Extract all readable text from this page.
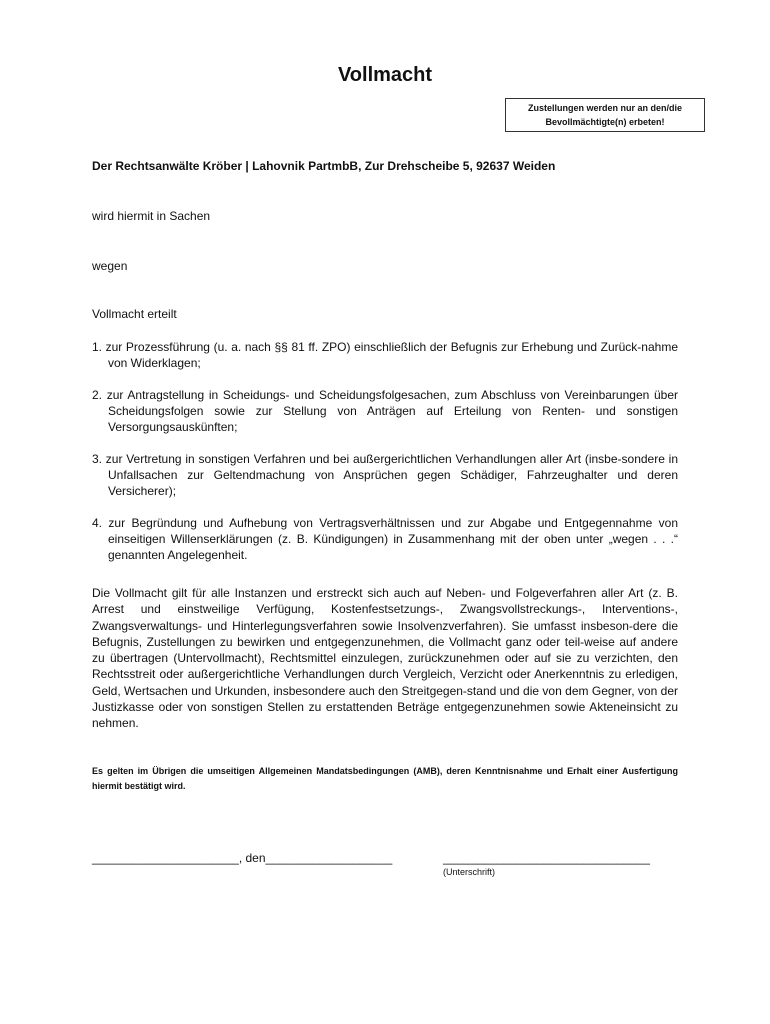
Vollmacht
Zustellungen werden nur an den/die
Bevollmächtigte(n) erbeten!
Der Rechtsanwälte Kröber | Lahovnik PartmbB, Zur Drehscheibe 5, 92637 Weiden
wird hiermit in Sachen
wegen
Vollmacht erteilt

1. zur Prozessführung (u. a. nach §§ 81 ff. ZPO) einschließlich der Befugnis zur Erhebung und Zurück-nahme von Widerklagen;

2. zur Antragstellung in Scheidungs- und Scheidungsfolgesachen, zum Abschluss von Vereinbarungen über Scheidungsfolgen sowie zur Stellung von Anträgen auf Erteilung von Renten- und sonstigen Versorgungsauskünften;

3. zur Vertretung in sonstigen Verfahren und bei außergerichtlichen Verhandlungen aller Art (insbe-sondere in Unfallsachen zur Geltendmachung von Ansprüchen gegen Schädiger, Fahrzeughalter und deren Versicherer);

4. zur Begründung und Aufhebung von Vertragsverhältnissen und zur Abgabe und Entgegennahme von einseitigen Willenserklärungen (z. B. Kündigungen) in Zusammenhang mit der oben unter „wegen . . .“ genannten Angelegenheit.

Die Vollmacht gilt für alle Instanzen und erstreckt sich auch auf Neben- und Folgeverfahren aller Art (z. B. Arrest und einstweilige Verfügung, Kostenfestsetzungs-, Zwangsvollstreckungs-, Interventions-, Zwangsverwaltungs- und Hinterlegungsverfahren sowie Insolvenzverfahren). Sie umfasst insbeson-dere die Befugnis, Zustellungen zu bewirken und entgegenzunehmen, die Vollmacht ganz oder teil-weise auf andere zu übertragen (Untervollmacht), Rechtsmittel einzulegen, zurückzunehmen oder auf sie zu verzichten, den Rechtsstreit oder außergerichtliche Verhandlungen durch Vergleich, Verzicht oder Anerkenntnis zu erledigen, Geld, Wertsachen und Urkunden, insbesondere auch den Streitgegen-stand und die von dem Gegner, von der Justizkasse oder von sonstigen Stellen zu erstattenden Beträge entgegenzunehmen sowie Akteneinsicht zu nehmen.

Es gelten im Übrigen die umseitigen Allgemeinen Mandatsbedingungen (AMB), deren Kenntnisnahme und Erhalt einer Ausfertigung hiermit bestätigt wird.

______________________, den___________________	_______________________________
(Unterschrift)
